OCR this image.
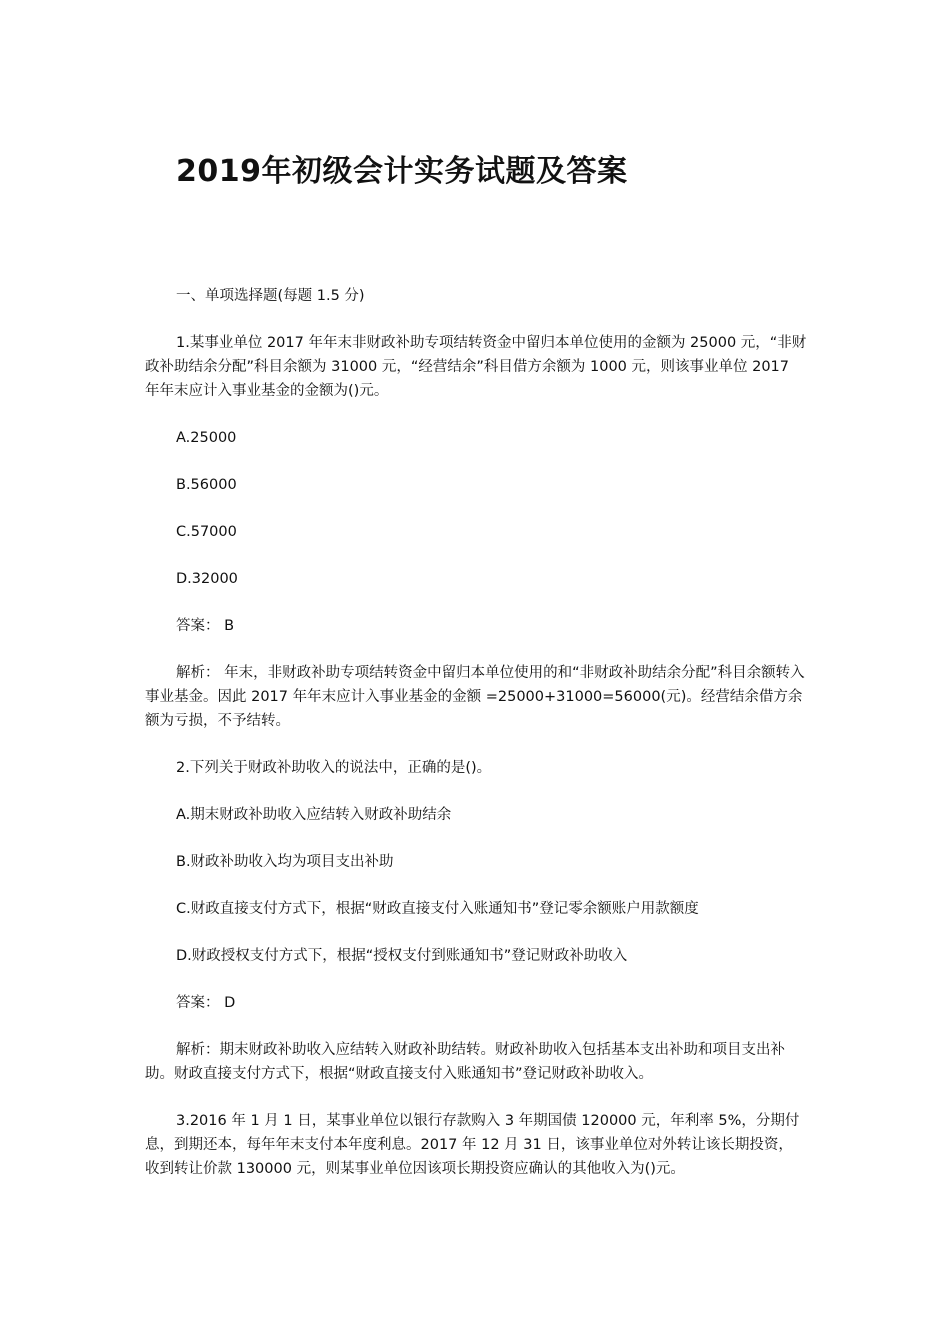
2019年初级会计实务试题及答案

一、单项选择题(每题 1.5 分)

1.某事业单位 2017 年年末非财政补助专项结转资金中留归本单位使用的金额为 25000 元，“非财政补助结余分配”科目余额为 31000 元，“经营结余”科目借方余额为 1000 元，则该事业单位 2017 年年末应计入事业基金的金额为()元。

A.25000

B.56000

C.57000

D.32000

答案： B

解析： 年末，非财政补助专项结转资金中留归本单位使用的和“非财政补助结余分配”科目余额转入事业基金。因此 2017 年年末应计入事业基金的金额 =25000+31000=56000(元)。经营结余借方余额为亏损，不予结转。

2.下列关于财政补助收入的说法中，正确的是()。

A.期末财政补助收入应结转入财政补助结余

B.财政补助收入均为项目支出补助

C.财政直接支付方式下，根据“财政直接支付入账通知书”登记零余额账户用款额度

D.财政授权支付方式下，根据“授权支付到账通知书”登记财政补助收入

答案： D

解析：期末财政补助收入应结转入财政补助结转。财政补助收入包括基本支出补助和项目支出补助。财政直接支付方式下，根据“财政直接支付入账通知书”登记财政补助收入。

3.2016 年 1 月 1 日，某事业单位以银行存款购入 3 年期国债 120000 元，年利率 5%，分期付息，到期还本，每年年末支付本年度利息。2017 年 12 月 31 日，该事业单位对外转让该长期投资，收到转让价款 130000 元，则某事业单位因该项长期投资应确认的其他收入为()元。
